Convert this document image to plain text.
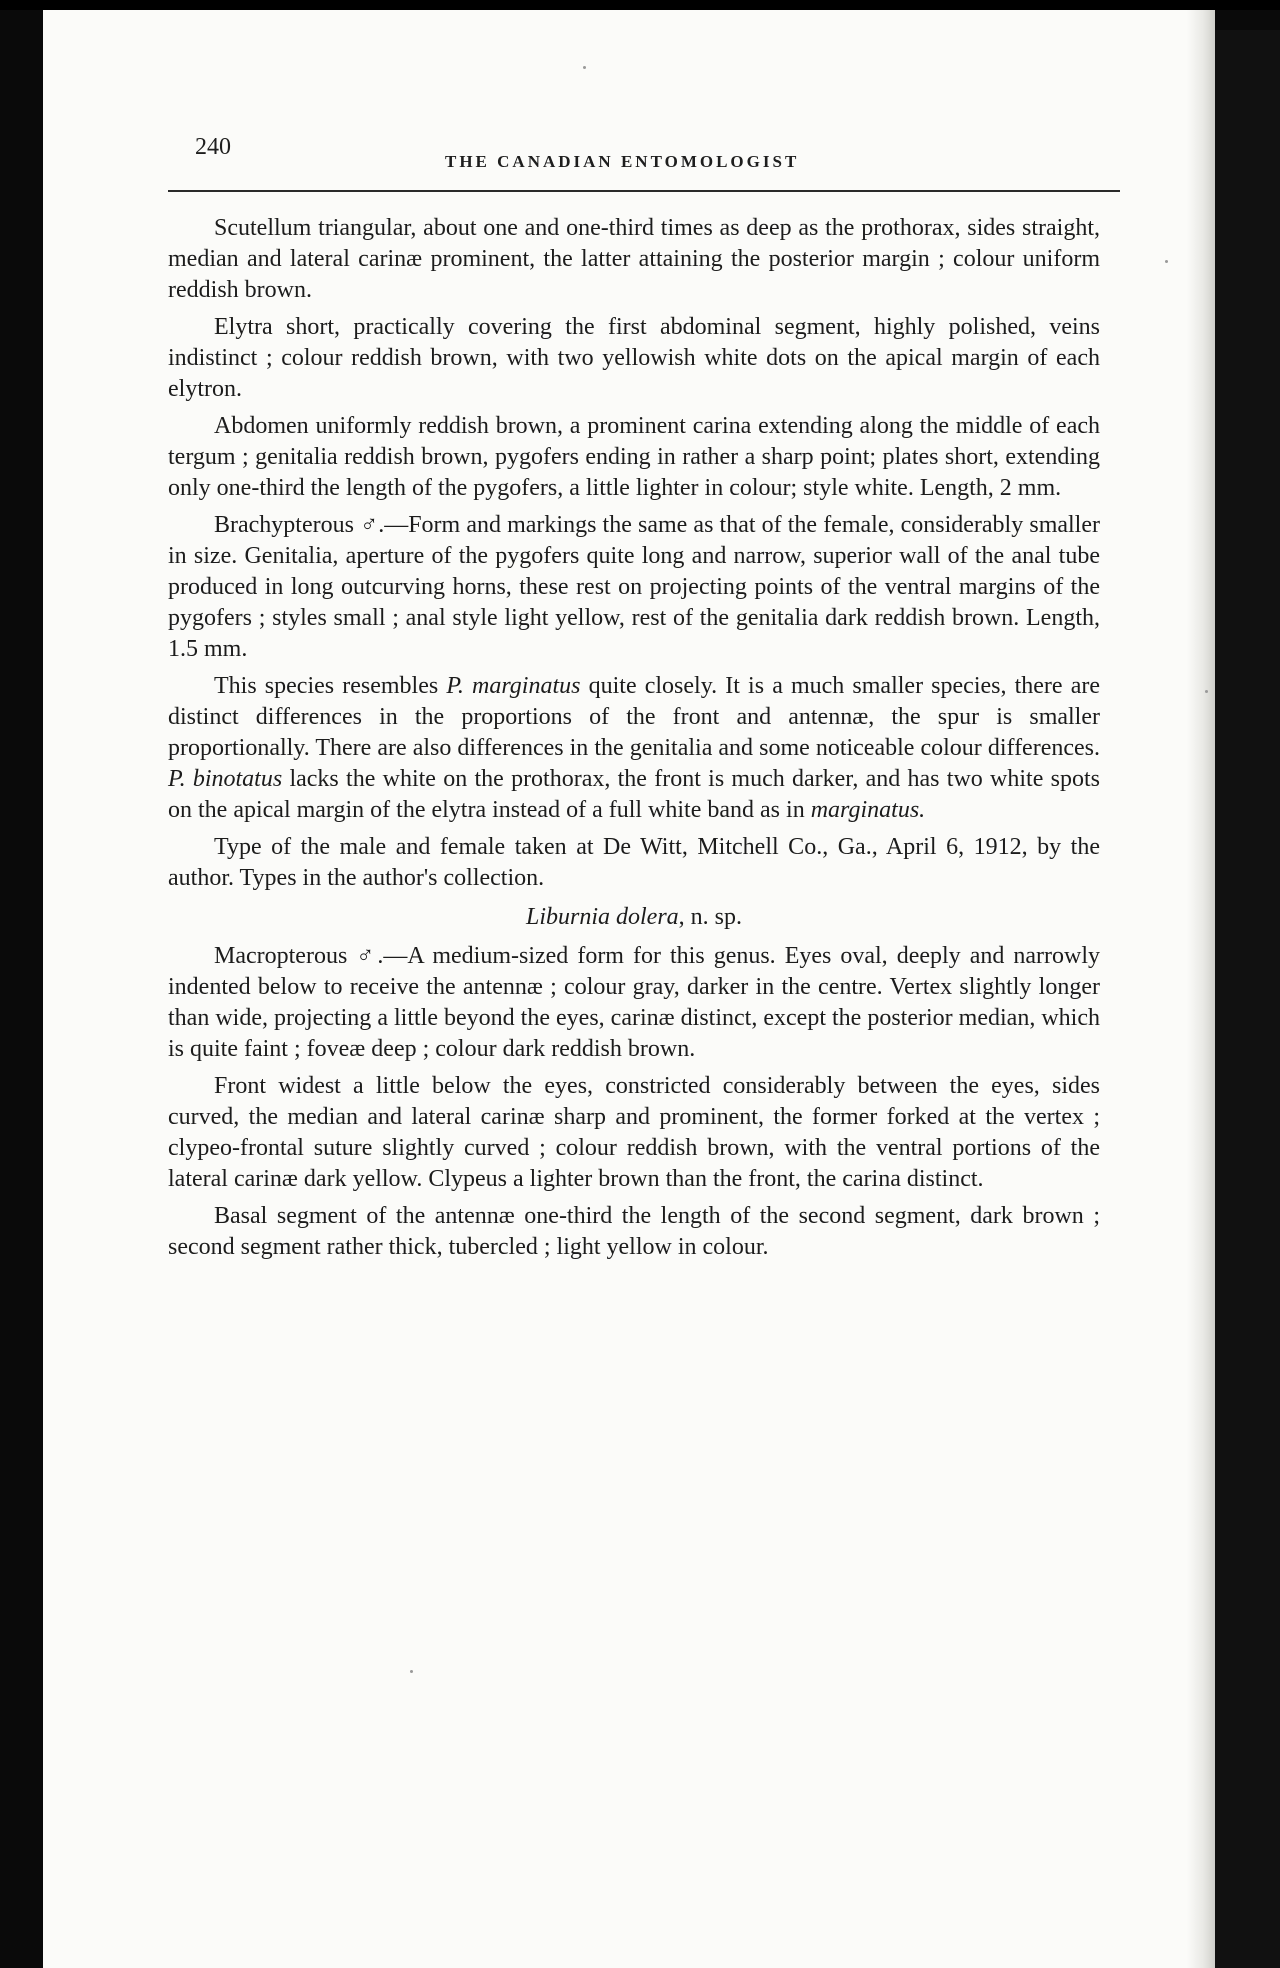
240
THE CANADIAN ENTOMOLOGIST

Scutellum triangular, about one and one-third times as deep as the prothorax, sides straight, median and lateral carinæ prominent, the latter attaining the posterior margin ; colour uniform reddish brown.

Elytra short, practically covering the first abdominal segment, highly polished, veins indistinct ; colour reddish brown, with two yellowish white dots on the apical margin of each elytron.

Abdomen uniformly reddish brown, a prominent carina extending along the middle of each tergum ; genitalia reddish brown, pygofers ending in rather a sharp point; plates short, extending only one-third the length of the pygofers, a little lighter in colour; style white. Length, 2 mm.

Brachypterous ♂.—Form and markings the same as that of the female, considerably smaller in size. Genitalia, aperture of the pygofers quite long and narrow, superior wall of the anal tube produced in long outcurving horns, these rest on projecting points of the ventral margins of the pygofers ; styles small ; anal style light yellow, rest of the genitalia dark reddish brown. Length, 1.5 mm.

This species resembles P. marginatus quite closely. It is a much smaller species, there are distinct differences in the proportions of the front and antennæ, the spur is smaller proportionally. There are also differences in the genitalia and some noticeable colour differences. P. binotatus lacks the white on the prothorax, the front is much darker, and has two white spots on the apical margin of the elytra instead of a full white band as in marginatus.

Type of the male and female taken at De Witt, Mitchell Co., Ga., April 6, 1912, by the author. Types in the author's collection.

Liburnia dolera, n. sp.

Macropterous ♂.—A medium-sized form for this genus. Eyes oval, deeply and narrowly indented below to receive the antennæ ; colour gray, darker in the centre. Vertex slightly longer than wide, projecting a little beyond the eyes, carinæ distinct, except the posterior median, which is quite faint ; foveæ deep ; colour dark reddish brown.

Front widest a little below the eyes, constricted considerably between the eyes, sides curved, the median and lateral carinæ sharp and prominent, the former forked at the vertex ; clypeo-frontal suture slightly curved ; colour reddish brown, with the ventral portions of the lateral carinæ dark yellow. Clypeus a lighter brown than the front, the carina distinct.

Basal segment of the antennæ one-third the length of the second segment, dark brown ; second segment rather thick, tubercled ; light yellow in colour.
